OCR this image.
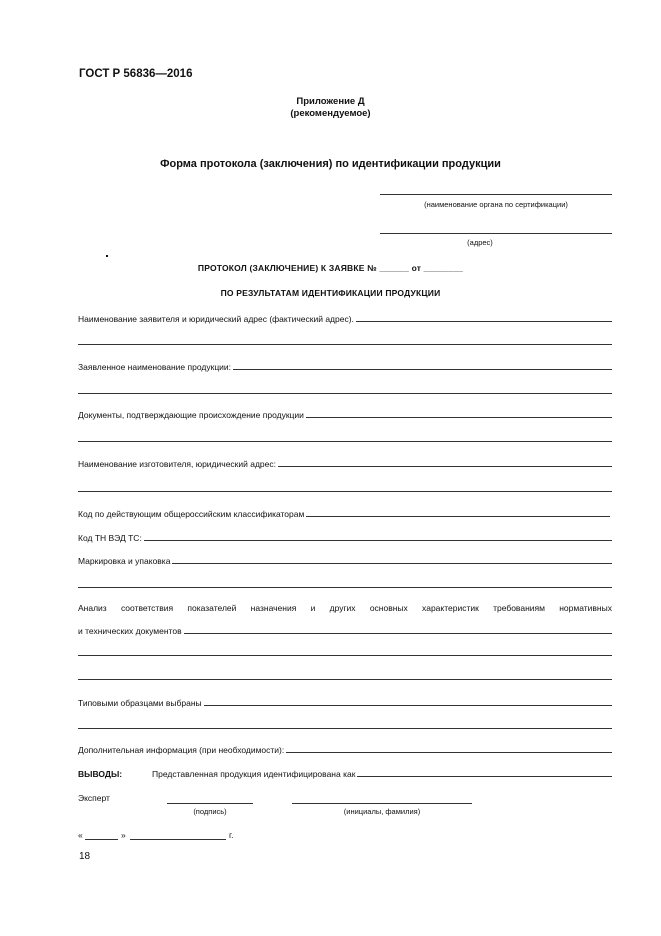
ГОСТ Р 56836—2016
Приложение Д
(рекомендуемое)
Форма протокола (заключения) по идентификации продукции
(наименование органа по сертификации)
(адрес)
ПРОТОКОЛ (ЗАКЛЮЧЕНИЕ) К ЗАЯВКЕ № ______ от ________
ПО РЕЗУЛЬТАТАМ ИДЕНТИФИКАЦИИ ПРОДУКЦИИ
Наименование заявителя и юридический адрес (фактический адрес).
Заявленное наименование продукции:
Документы, подтверждающие происхождение продукции
Наименование изготовителя, юридический адрес:
Код по действующим общероссийским классификаторам
Код ТН ВЭД ТС:
Маркировка и упаковка
Анализ соответствия показателей назначения и других основных характеристик требованиям нормативных
и технических документов
Типовыми образцами выбраны
Дополнительная информация (при необходимости):
ВЫВОДЫ:	Представленная продукция идентифицирована как
Эксперт
(подпись)	(инициалы, фамилия)
«	»	г.
18
